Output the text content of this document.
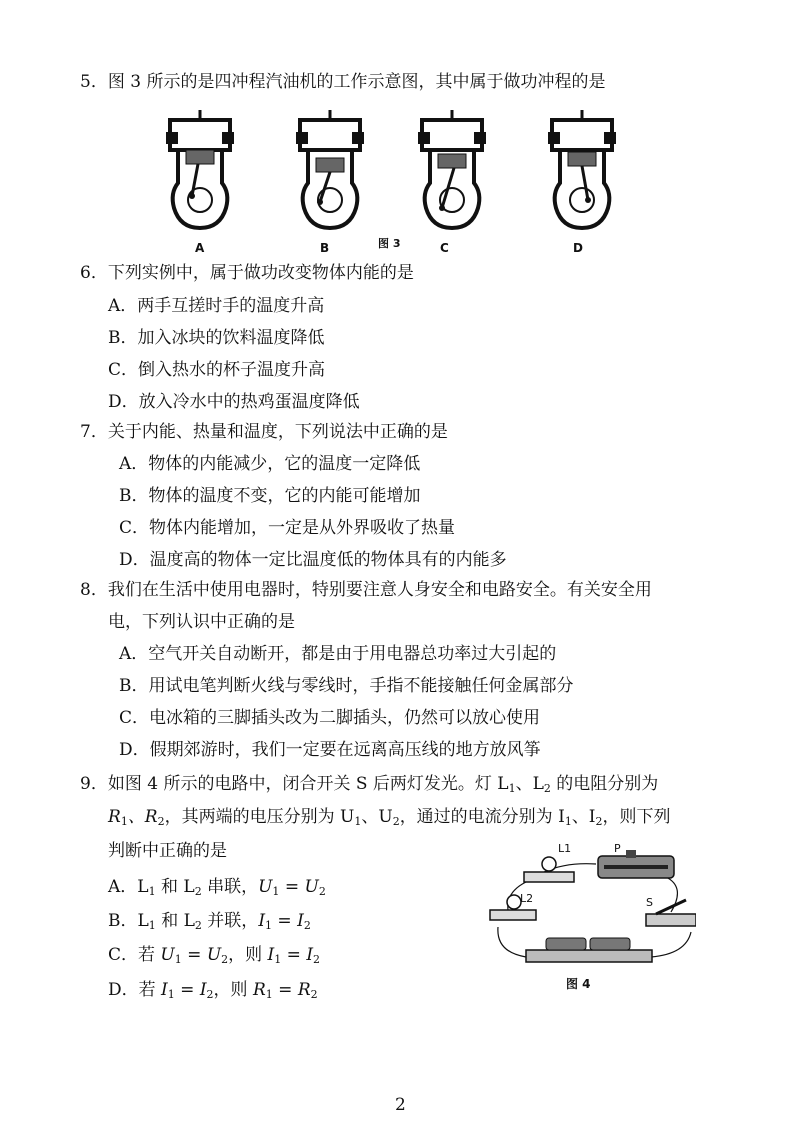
5．图 3 所示的是四冲程汽油机的工作示意图，其中属于做功冲程的是
A	B	图 3	C	D
6．下列实例中，属于做功改变物体内能的是
A．两手互搓时手的温度升高
B．加入冰块的饮料温度降低
C．倒入热水的杯子温度升高
D．放入冷水中的热鸡蛋温度降低
7．关于内能、热量和温度，下列说法中正确的是
A．物体的内能减少，它的温度一定降低
B．物体的温度不变，它的内能可能增加
C．物体内能增加，一定是从外界吸收了热量
D．温度高的物体一定比温度低的物体具有的内能多
8．我们在生活中使用电器时，特别要注意人身安全和电路安全。有关安全用
电，下列认识中正确的是
A．空气开关自动断开，都是由于用电器总功率过大引起的
B．用试电笔判断火线与零线时，手指不能接触任何金属部分
C．电冰箱的三脚插头改为二脚插头，仍然可以放心使用
D．假期郊游时，我们一定要在远离高压线的地方放风筝
9．如图 4 所示的电路中，闭合开关 S 后两灯发光。灯 $L_1$、$L_2$ 的电阻分别为
$R_1$、$R_2$，其两端的电压分别为 $U_1$、$U_2$，通过的电流分别为 $I_1$、$I_2$，则下列
判断中正确的是
A．$L_1$ 和 $L_2$ 串联，$U_1 = U_2$
B．$L_1$ 和 $L_2$ 并联，$I_1 = I_2$
C．若 $U_1 = U_2$，则 $I_1 = I_2$
D．若 $I_1 = I_2$，则 $R_1 = R_2$
L1
L2
P
S
图 4
2
